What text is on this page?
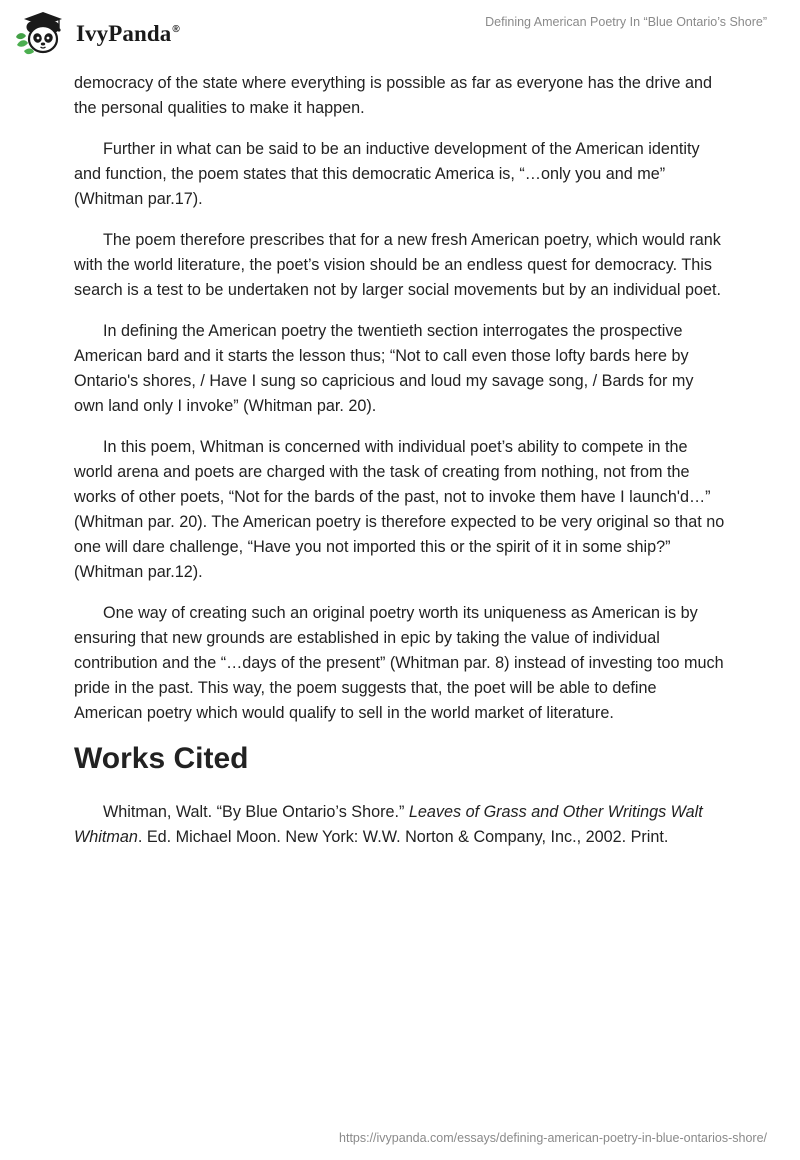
IvyPanda®
Defining American Poetry In “Blue Ontario’s Shore”

democracy of the state where everything is possible as far as everyone has the drive and the personal qualities to make it happen.

Further in what can be said to be an inductive development of the American identity and function, the poem states that this democratic America is, “…only you and me” (Whitman par.17).

The poem therefore prescribes that for a new fresh American poetry, which would rank with the world literature, the poet’s vision should be an endless quest for democracy. This search is a test to be undertaken not by larger social movements but by an individual poet.

In defining the American poetry the twentieth section interrogates the prospective American bard and it starts the lesson thus; “Not to call even those lofty bards here by Ontario's shores, / Have I sung so capricious and loud my savage song, / Bards for my own land only I invoke” (Whitman par. 20).

In this poem, Whitman is concerned with individual poet’s ability to compete in the world arena and poets are charged with the task of creating from nothing, not from the works of other poets, “Not for the bards of the past, not to invoke them have I launch'd…” (Whitman par. 20). The American poetry is therefore expected to be very original so that no one will dare challenge, “Have you not imported this or the spirit of it in some ship?” (Whitman par.12).

One way of creating such an original poetry worth its uniqueness as American is by ensuring that new grounds are established in epic by taking the value of individual contribution and the “…days of the present” (Whitman par. 8) instead of investing too much pride in the past. This way, the poem suggests that, the poet will be able to define American poetry which would qualify to sell in the world market of literature.

Works Cited

Whitman, Walt. “By Blue Ontario’s Shore.” Leaves of Grass and Other Writings Walt Whitman. Ed. Michael Moon. New York: W.W. Norton & Company, Inc., 2002. Print.

https://ivypanda.com/essays/defining-american-poetry-in-blue-ontarios-shore/
